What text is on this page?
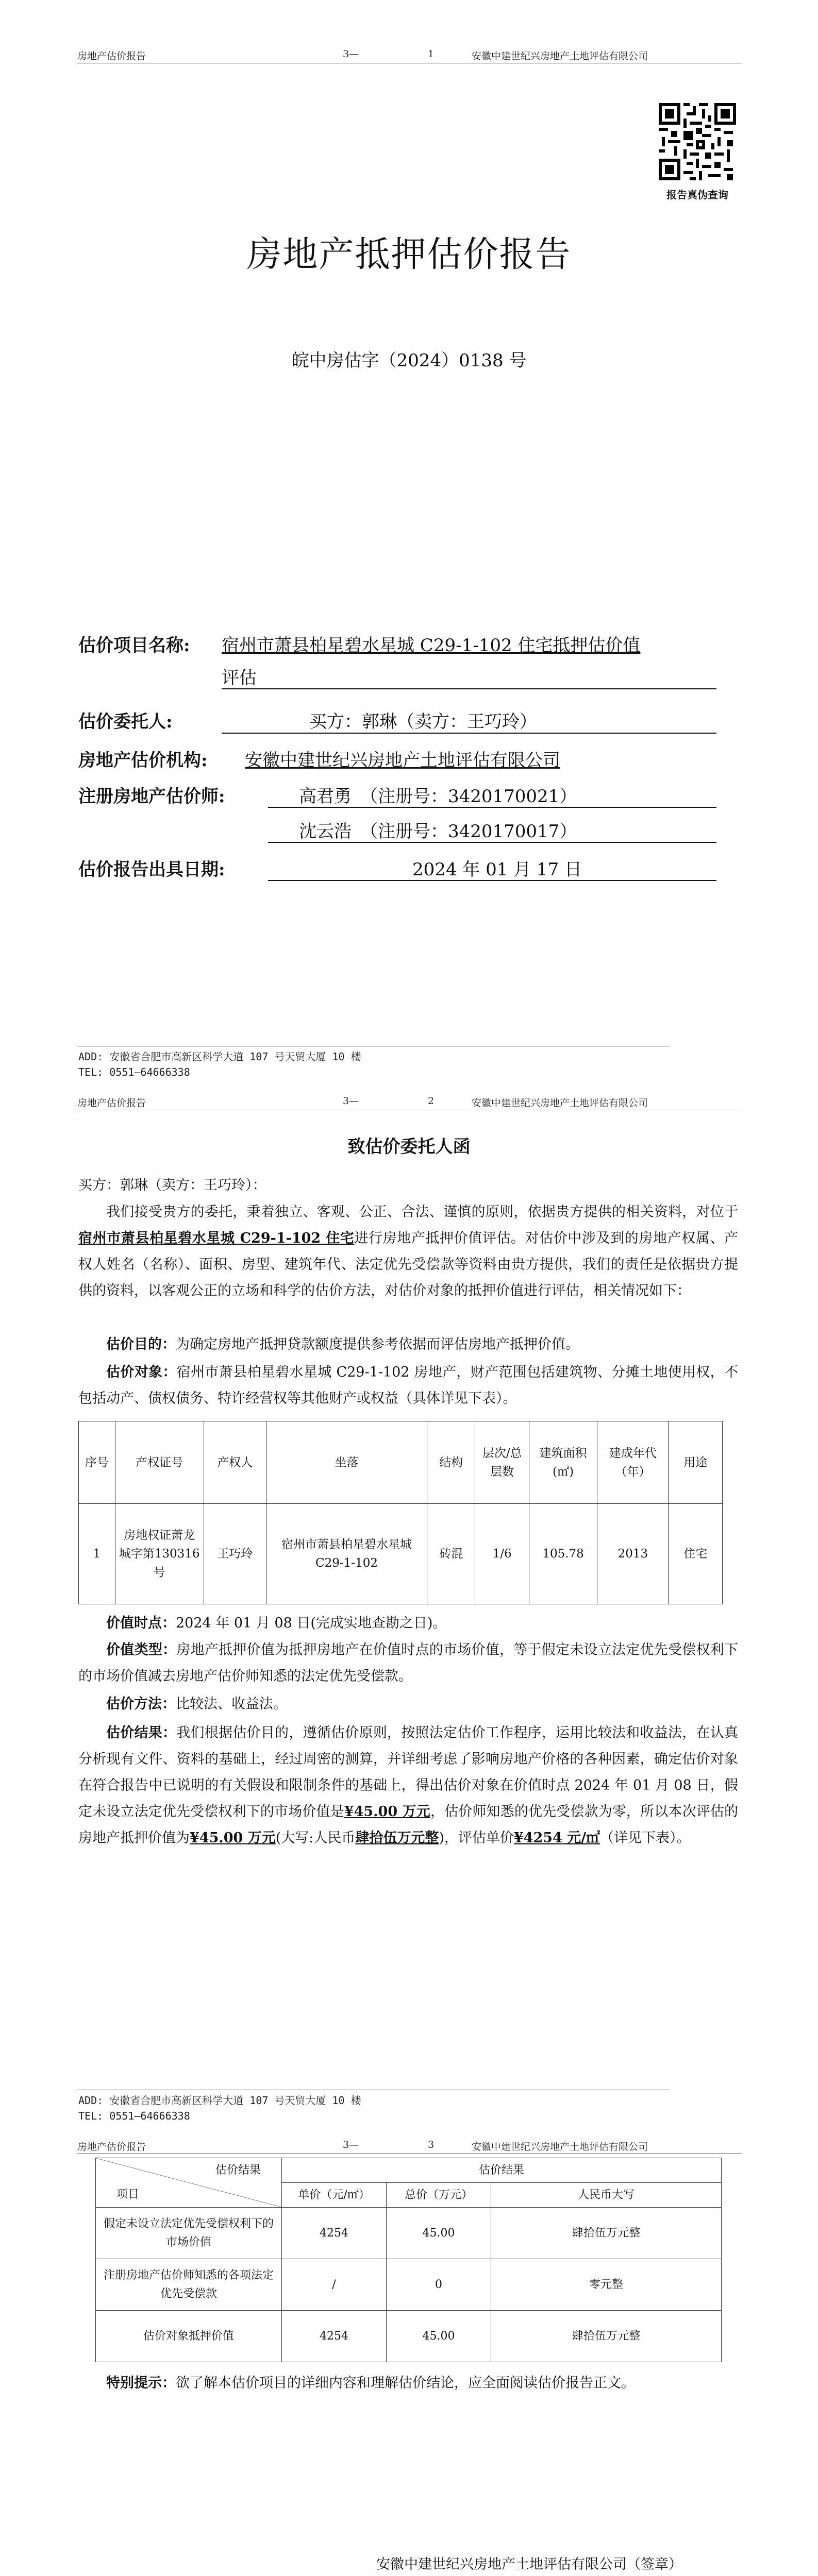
房地产估价报告	3—	1	安徽中建世纪兴房地产土地评估有限公司
报告真伪查询
房地产抵押估价报告
皖中房估字（2024）0138 号
估价项目名称: 宿州市萧县柏星碧水星城 C29-1-102 住宅抵押估价值
评估
估价委托人:	买方：郭琳（卖方：王巧玲）
房地产估价机构: 安徽中建世纪兴房地产土地评估有限公司
注册房地产估价师:	高君勇　（注册号：3420170021）
沈云浩　（注册号：3420170017）
估价报告出具日期:	2024 年 01 月 17 日
ADD: 安徽省合肥市高新区科学大道 107 号天贸大厦 10 楼
TEL: 0551—64666338
房地产估价报告	3—	2	安徽中建世纪兴房地产土地评估有限公司
致估价委托人函
买方：郭琳（卖方：王巧玲）：
我们接受贵方的委托，秉着独立、客观、公正、合法、谨慎的原则，依据贵方提供的相关资料，对位于宿州市萧县柏星碧水星城 C29-1-102 住宅进行房地产抵押价值评估。对估价中涉及到的房地产权属、产权人姓名（名称）、面积、房型、建筑年代、法定优先受偿款等资料由贵方提供，我们的责任是依据贵方提供的资料，以客观公正的立场和科学的估价方法，对估价对象的抵押价值进行评估，相关情况如下：
估价目的：为确定房地产抵押贷款额度提供参考依据而评估房地产抵押价值。
估价对象：宿州市萧县柏星碧水星城 C29-1-102 房地产，财产范围包括建筑物、分摊土地使用权，不包括动产、债权债务、特许经营权等其他财产或权益（具体详见下表）。
序号	产权证号	产权人	坐落	结构	层次/总层数	建筑面积(㎡)	建成年代（年）	用途
1	房地权证萧龙城字第130316 号	王巧玲	宿州市萧县柏星碧水星城 C29-1-102	砖混	1/6	105.78	2013	住宅
价值时点：2024 年 01 月 08 日(完成实地查勘之日)。
价值类型：房地产抵押价值为抵押房地产在价值时点的市场价值，等于假定未设立法定优先受偿权利下的市场价值减去房地产估价师知悉的法定优先受偿款。
估价方法：比较法、收益法。
估价结果：我们根据估价目的，遵循估价原则，按照法定估价工作程序，运用比较法和收益法，在认真分析现有文件、资料的基础上，经过周密的测算，并详细考虑了影响房地产价格的各种因素，确定估价对象在符合报告中已说明的有关假设和限制条件的基础上，得出估价对象在价值时点 2024 年 01 月 08 日，假定未设立法定优先受偿权利下的市场价值是¥45.00 万元，估价师知悉的优先受偿款为零，所以本次评估的房地产抵押价值为¥45.00 万元(大写:人民币肆拾伍万元整)，评估单价¥4254 元/㎡（详见下表）。
ADD: 安徽省合肥市高新区科学大道 107 号天贸大厦 10 楼
TEL: 0551—64666338
房地产估价报告	3—	3	安徽中建世纪兴房地产土地评估有限公司
估价结果
项目	估价结果		
	单价（元/㎡）	总价（万元）	人民币大写
假定未设立法定优先受偿权利下的市场价值	4254	45.00	肆拾伍万元整
注册房地产估价师知悉的各项法定优先受偿款	/	0	零元整
估价对象抵押价值	4254	45.00	肆拾伍万元整
特别提示：欲了解本估价项目的详细内容和理解估价结论，应全面阅读估价报告正文。
安徽中建世纪兴房地产土地评估有限公司（签章）
